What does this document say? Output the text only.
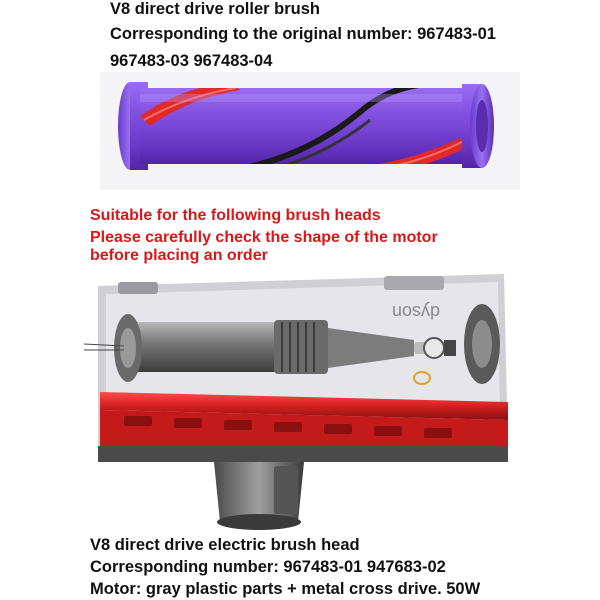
V8 direct drive roller brush
Corresponding to the original number: 967483-01
967483-03 967483-04
Suitable for the following brush heads
Please carefully check the shape of the motor
before placing an order
dyson
V8 direct drive electric brush head
Corresponding number: 967483-01 947683-02
Motor: gray plastic parts + metal cross drive. 50W
